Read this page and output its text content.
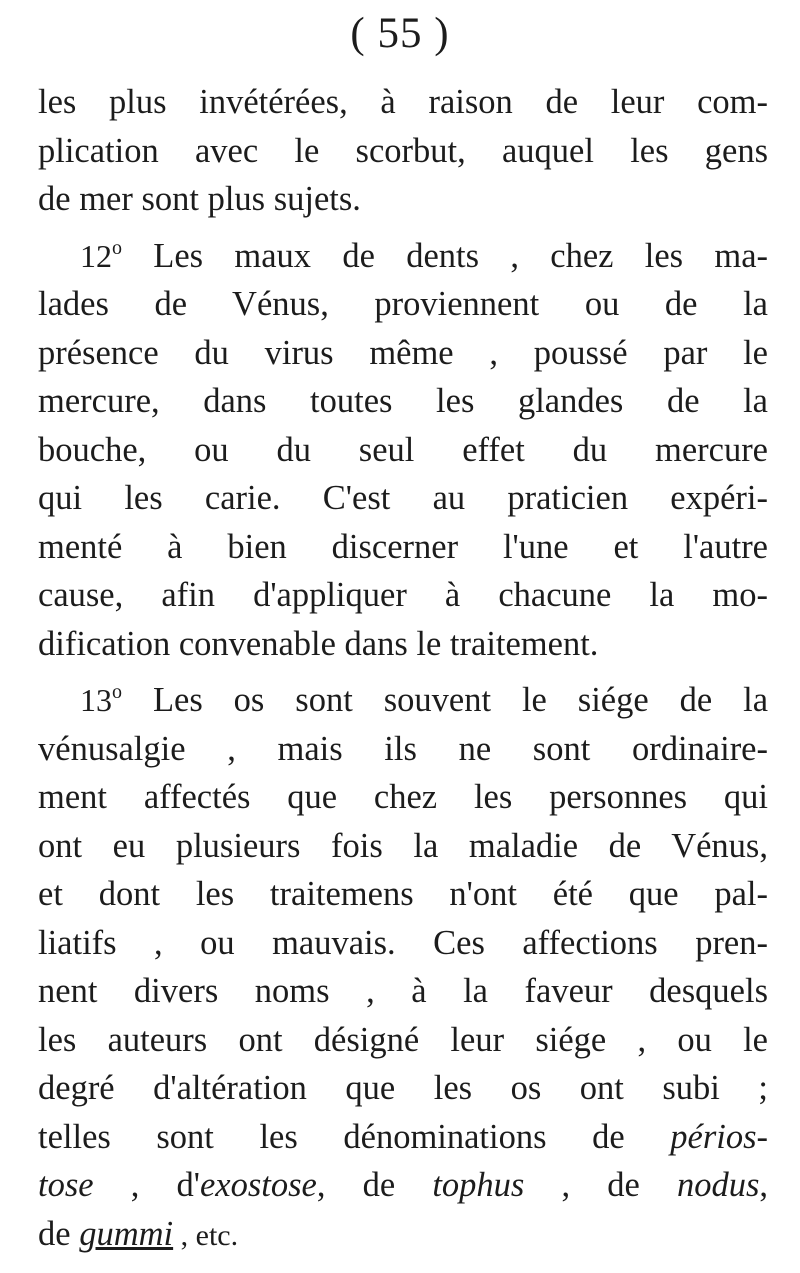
( 55 )
les plus invétérées, à raison de leur com-
plication avec le scorbut, auquel les gens
de mer sont plus sujets.
12$^o$ Les maux de dents , chez les ma-
lades de Vénus, proviennent ou de la
présence du virus même , poussé par le
mercure, dans toutes les glandes de la
bouche, ou du seul effet du mercure
qui les carie. C'est au praticien expéri-
menté à bien discerner l'une et l'autre
cause, afin d'appliquer à chacune la mo-
dification convenable dans le traitement.
13$^o$ Les os sont souvent le siége de la
vénusalgie , mais ils ne sont ordinaire-
ment affectés que chez les personnes qui
ont eu plusieurs fois la maladie de Vénus,
et dont les traitemens n'ont été que pal-
liatifs , ou mauvais. Ces affections pren-
nent divers noms , à la faveur desquels
les auteurs ont désigné leur siége , ou le
degré d'altération que les os ont subi ;
telles sont les dénominations de périos-
tose , d'exostose, de tophus , de nodus,
de gummi , etc.
